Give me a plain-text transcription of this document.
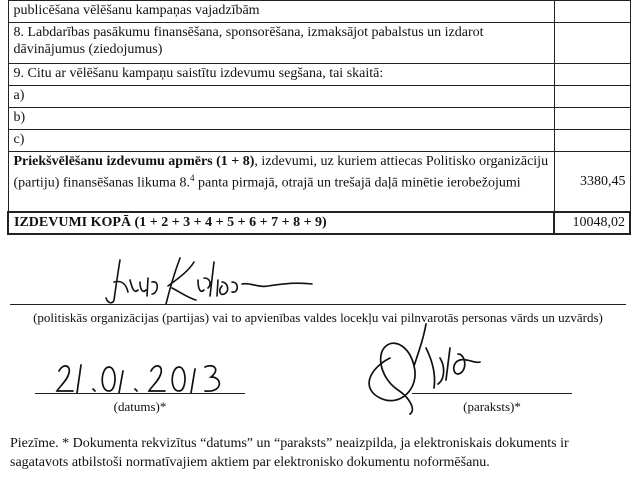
publicēšana vēlēšanu kampaņas vajadzībām	
8. Labdarības pasākumu finansēšana, sponsorēšana, izmaksājot pabalstus un izdarot dāvinājumus (ziedojumus)	
9. Citu ar vēlēšanu kampaņu saistītu izdevumu segšana, tai skaitā:	
a)	
b)	
c)	
Priekšvēlēšanu izdevumu apmērs (1 + 8), izdevumi, uz kuriem attiecas Politisko organizāciju (partiju) finansēšanas likuma 8.$^4$ panta pirmajā, otrajā un trešajā daļā minētie ierobežojumi	3380,45
IZDEVUMI KOPĀ (1 + 2 + 3 + 4 + 5 + 6 + 7 + 8 + 9)	10048,02
(politiskās organizācijas (partijas) vai to apvienības valdes locekļu vai pilnvarotās personas vārds un uzvārds)
(datums)*	(paraksts)*
Piezīme. * Dokumenta rekvizītus “datums” un “paraksts” neaizpilda, ja elektroniskais dokuments ir sagatavots atbilstoši normatīvajiem aktiem par elektronisko dokumentu noformēšanu.
